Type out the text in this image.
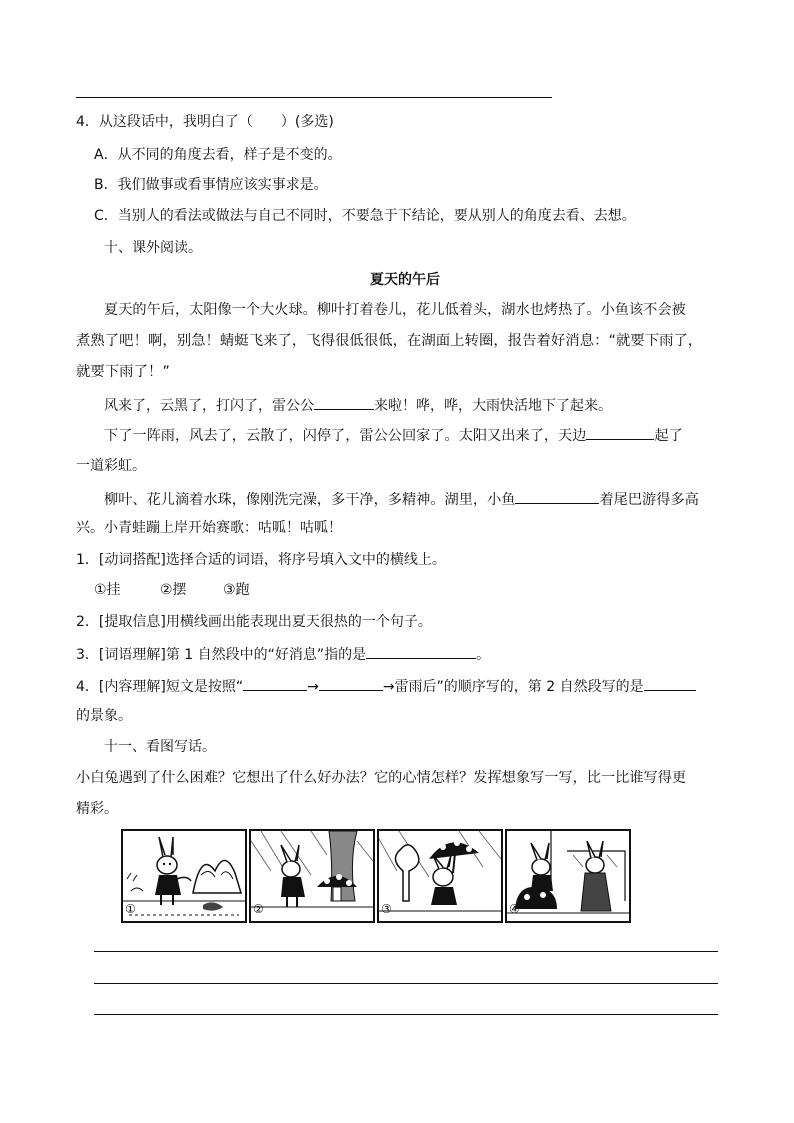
4．从这段话中，我明白了（　　）(多选)
A．从不同的角度去看，样子是不变的。
B．我们做事或看事情应该实事求是。
C．当别人的看法或做法与自己不同时，不要急于下结论，要从别人的角度去看、去想。
十、课外阅读。
夏天的午后
夏天的午后，太阳像一个大火球。柳叶打着卷儿，花儿低着头，湖水也烤热了。小鱼该不会被
煮熟了吧！啊，别急！蜻蜓飞来了，飞得很低很低，在湖面上转圈，报告着好消息：“就要下雨了，
就要下雨了！”
风来了，云黑了，打闪了，雷公公	来啦！哗，哗，大雨快活地下了起来。
下了一阵雨，风去了，云散了，闪停了，雷公公回家了。太阳又出来了，天边	起了
一道彩虹。
柳叶、花儿滴着水珠，像刚洗完澡，多干净，多精神。湖里，小鱼	着尾巴游得多高
兴。小青蛙蹦上岸开始赛歌：咕呱！咕呱！
1．[动词搭配]选择合适的词语，将序号填入文中的横线上。
①挂	②摆	③跑
2．[提取信息]用横线画出能表现出夏天很热的一个句子。
3．[词语理解]第 1 自然段中的“好消息”指的是	。
4．[内容理解]短文是按照“	→	→雷雨后”的顺序写的，第 2 自然段写的是
的景象。
十一、看图写话。
小白兔遇到了什么困难？它想出了什么好办法？它的心情怎样？发挥想象写一写，比一比谁写得更
精彩。
①	②	③	④
